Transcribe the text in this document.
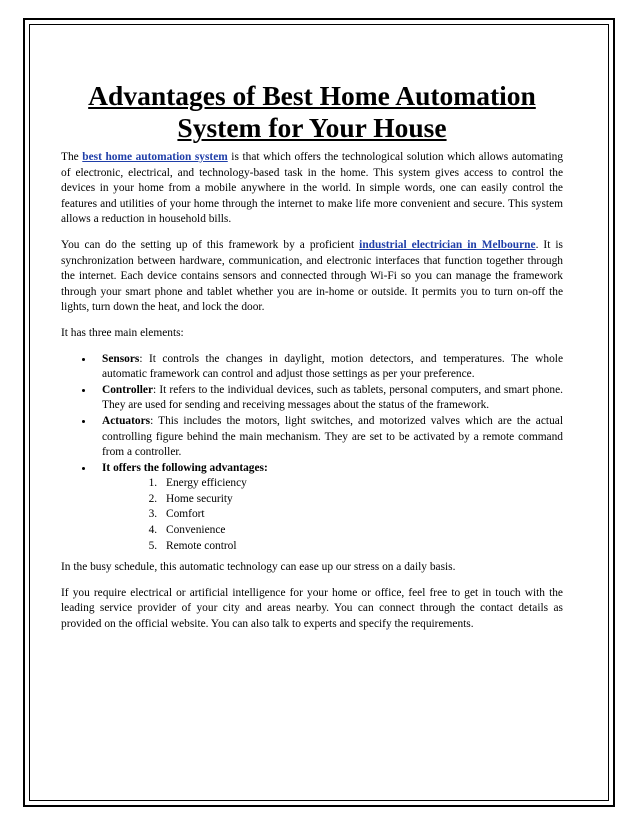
Advantages of Best Home Automation System for Your House

The best home automation system is that which offers the technological solution which allows automating of electronic, electrical, and technology-based task in the home. This system gives access to control the devices in your home from a mobile anywhere in the world. In simple words, one can easily control the features and utilities of your home through the internet to make life more convenient and secure. This system allows a reduction in household bills.

You can do the setting up of this framework by a proficient industrial electrician in Melbourne. It is synchronization between hardware, communication, and electronic interfaces that function together through the internet. Each device contains sensors and connected through Wi-Fi so you can manage the framework through your smart phone and tablet whether you are in-home or outside. It permits you to turn on-off the lights, turn down the heat, and lock the door.

It has three main elements:

• Sensors: It controls the changes in daylight, motion detectors, and temperatures. The whole automatic framework can control and adjust those settings as per your preference.
• Controller: It refers to the individual devices, such as tablets, personal computers, and smart phone. They are used for sending and receiving messages about the status of the framework.
• Actuators: This includes the motors, light switches, and motorized valves which are the actual controlling figure behind the main mechanism. They are set to be activated by a remote command from a controller.
• It offers the following advantages:
1. Energy efficiency
2. Home security
3. Comfort
4. Convenience
5. Remote control

In the busy schedule, this automatic technology can ease up our stress on a daily basis.

If you require electrical or artificial intelligence for your home or office, feel free to get in touch with the leading service provider of your city and areas nearby. You can connect through the contact details as provided on the official website. You can also talk to experts and specify the requirements.
